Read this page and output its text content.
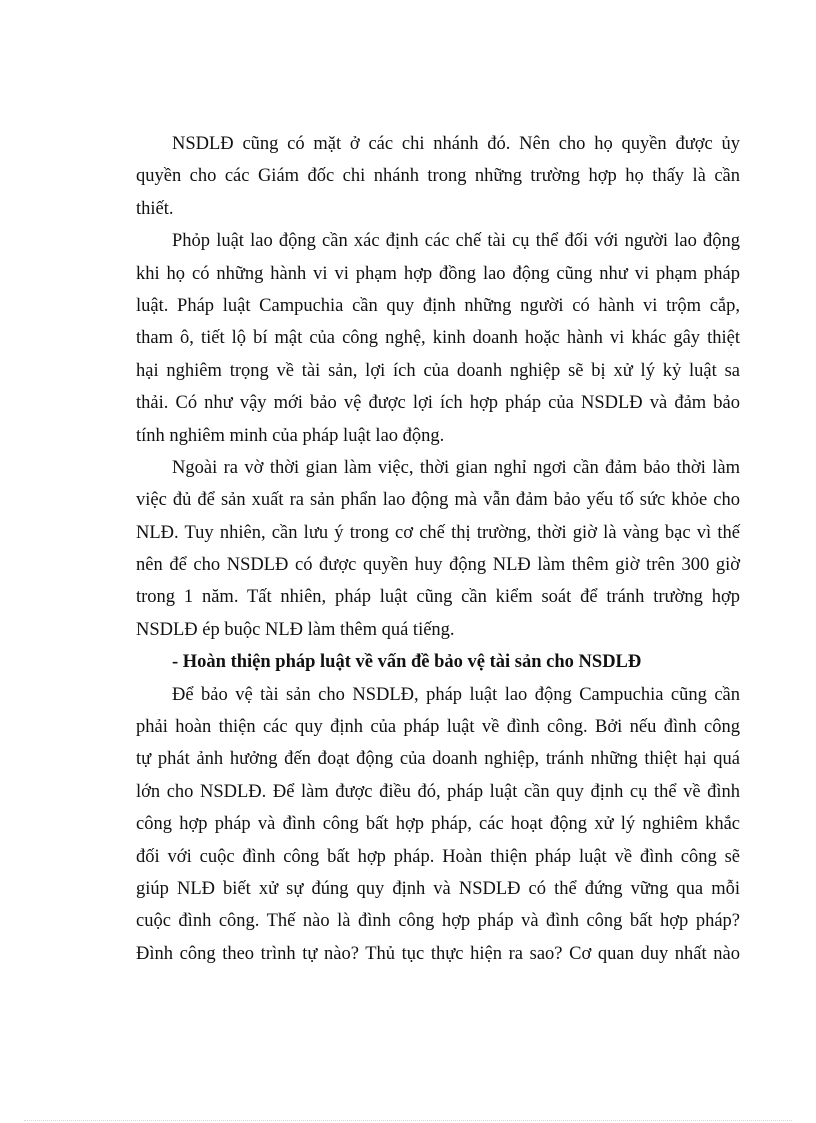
NSDLĐ cũng có mặt ở các chi nhánh đó. Nên cho họ quyền được ủy
quyền cho các Giám đốc chi nhánh trong những trường hợp họ thấy là cần
thiết.
Phỏp luật lao động cần xác định các chế tài cụ thể đối với người lao động
khi họ có những hành vi vi phạm hợp đồng lao động cũng như vi phạm pháp
luật. Pháp luật Campuchia cần quy định những người có hành vi trộm cắp,
tham ô, tiết lộ bí mật của công nghệ, kinh doanh hoặc hành vi khác gây thiệt
hại nghiêm trọng về tài sản, lợi ích của doanh nghiệp sẽ bị xử lý kỷ luật sa
thải. Có như vậy mới bảo vệ được lợi ích hợp pháp của NSDLĐ và đảm bảo
tính nghiêm minh của pháp luật lao động.
Ngoài ra vờ thời gian làm việc, thời gian nghỉ ngơi cần đảm bảo thời làm
việc đủ để sản xuất ra sản phẩn lao động mà vẫn đảm bảo yếu tố sức khỏe cho
NLĐ. Tuy nhiên, cần lưu ý trong cơ chế thị trường, thời giờ là vàng bạc vì thế
nên để cho NSDLĐ có được quyền huy động NLĐ làm thêm giờ trên 300 giờ
trong 1 năm. Tất nhiên, pháp luật cũng cần kiểm soát để tránh trường hợp
NSDLĐ ép buộc NLĐ làm thêm quá tiếng.
- Hoàn thiện pháp luật về vấn đề bảo vệ tài sản cho NSDLĐ
Để bảo vệ tài sản cho NSDLĐ, pháp luật lao động Campuchia cũng cần
phải hoàn thiện các quy định của pháp luật về đình công. Bởi nếu đình công
tự phát ảnh hưởng đến đoạt động của doanh nghiệp, tránh những thiệt hại quá
lớn cho NSDLĐ. Để làm được điều đó, pháp luật cần quy định cụ thể về đình
công hợp pháp và đình công bất hợp pháp, các hoạt động xử lý nghiêm khắc
đối với cuộc đình công bất hợp pháp. Hoàn thiện pháp luật về đình công sẽ
giúp NLĐ biết xử sự đúng quy định và NSDLĐ có thể đứng vững qua mỗi
cuộc đình công. Thế nào là đình công hợp pháp và đình công bất hợp pháp?
Đình công theo trình tự nào? Thủ tục thực hiện ra sao? Cơ quan duy nhất nào
